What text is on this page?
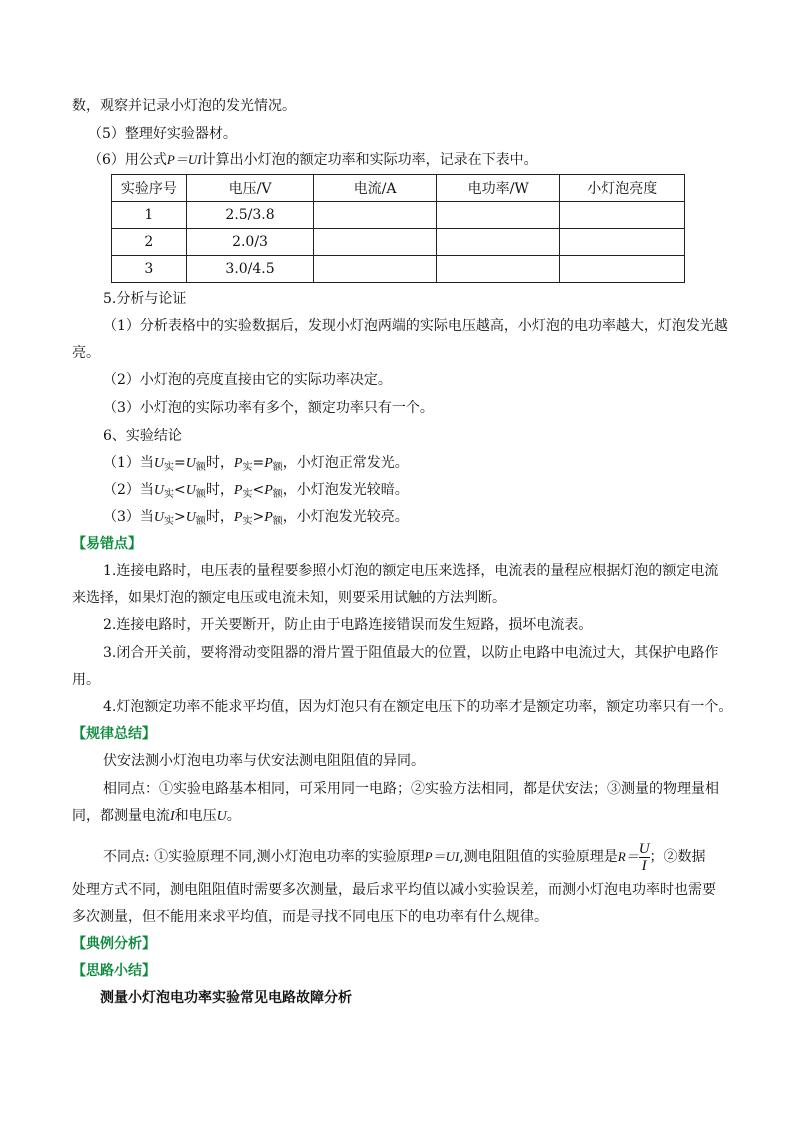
数，观察并记录小灯泡的发光情况。
（5）整理好实验器材。
（6）用公式P＝UI计算出小灯泡的额定功率和实际功率，记录在下表中。
实验序号	电压/V	电流/A	电功率/W	小灯泡亮度
1	2.5/3.8			
2	2.0/3			
3	3.0/4.5			
5.分析与论证
（1）分析表格中的实验数据后，发现小灯泡两端的实际电压越高，小灯泡的电功率越大，灯泡发光越
亮。
（2）小灯泡的亮度直接由它的实际功率决定。
（3）小灯泡的实际功率有多个，额定功率只有一个。
6、实验结论
（1）当$U_实=U_额$时，$P_实=P_额$，小灯泡正常发光。
（2）当$U_实<U_额$时，$P_实<P_额$，小灯泡发光较暗。
（3）当$U_实>U_额$时，$P_实>P_额$，小灯泡发光较亮。
【易错点】
1.连接电路时，电压表的量程要参照小灯泡的额定电压来选择，电流表的量程应根据灯泡的额定电流
来选择，如果灯泡的额定电压或电流未知，则要采用试触的方法判断。
2.连接电路时，开关要断开，防止由于电路连接错误而发生短路，损坏电流表。
3.闭合开关前，要将滑动变阻器的滑片置于阻值最大的位置，以防止电路中电流过大，其保护电路作
用。
4.灯泡额定功率不能求平均值，因为灯泡只有在额定电压下的功率才是额定功率，额定功率只有一个。
【规律总结】
伏安法测小灯泡电功率与伏安法测电阻阻值的异同。
相同点：①实验电路基本相同，可采用同一电路；②实验方法相同，都是伏安法；③测量的物理量相
同，都测量电流I和电压U。
不同点: ①实验原理不同,测小灯泡电功率的实验原理P＝UI,测电阻阻值的实验原理是$R= \frac{U}{I}$ ；②数据
处理方式不同，测电阻阻值时需要多次测量，最后求平均值以减小实验误差，而测小灯泡电功率时也需要
多次测量，但不能用来求平均值，而是寻找不同电压下的电功率有什么规律。
【典例分析】
【思路小结】
测量小灯泡电功率实验常见电路故障分析
